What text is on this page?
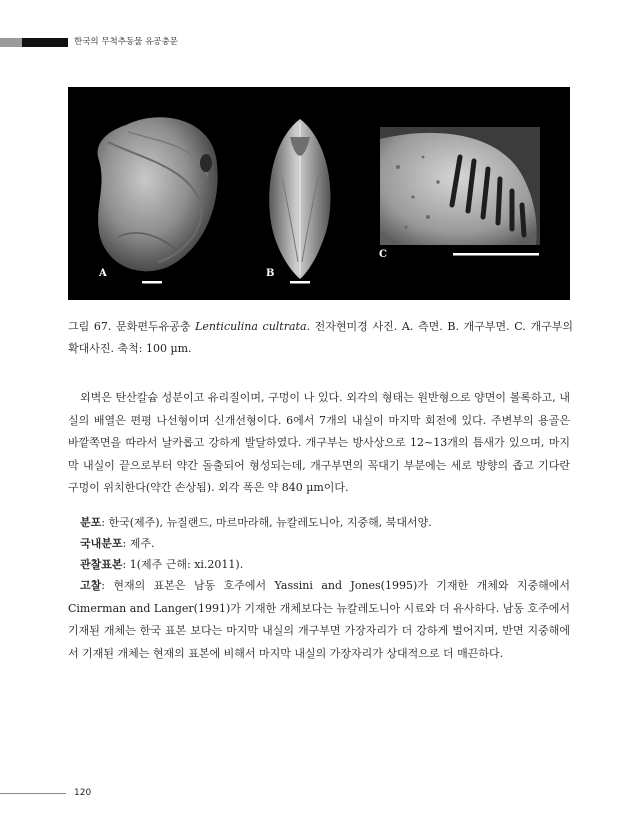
한국의 무척추동물 유공충문
A	B
C
그림 67. 문화편두유공충 Lenticulina cultrata. 전자현미경 사진. A. 측면. B. 개구부면. C. 개구부의 확대사진. 축척: 100 µm.
외벽은 탄산칼슘 성분이고 유리질이며, 구멍이 나 있다. 외각의 형태는 원반형으로 양면이 볼록하고, 내실의 배열은 편평 나선형이며 신개선형이다. 6에서 7개의 내실이 마지막 회전에 있다. 주변부의 용골은 바깥쪽면을 따라서 날카롭고 강하게 발달하였다. 개구부는 방사상으로 12~13개의 틈새가 있으며, 마지막 내실이 끝으로부터 약간 돌출되어 형성되는데, 개구부면의 꼭대기 부분에는 세로 방향의 좁고 기다란 구멍이 위치한다(약간 손상됨). 외각 폭은 약 840 µm이다.
분포: 한국(제주), 뉴질랜드, 마르마라해, 뉴칼레도니아, 지중해, 북대서양.
국내분포: 제주.
관찰표본: 1(제주 근해: xi.2011).
고찰: 현재의 표본은 남동 호주에서 Yassini and Jones(1995)가 기재한 개체와 지중해에서 Cimerman and Langer(1991)가 기재한 개체보다는 뉴칼레도니아 시료와 더 유사하다. 남동 호주에서 기재된 개체는 한국 표본 보다는 마지막 내실의 개구부면 가장자리가 더 강하게 벌어지며, 반면 지중해에서 기재된 개체는 현재의 표본에 비해서 마지막 내실의 가장자리가 상대적으로 더 매끈하다.
120
